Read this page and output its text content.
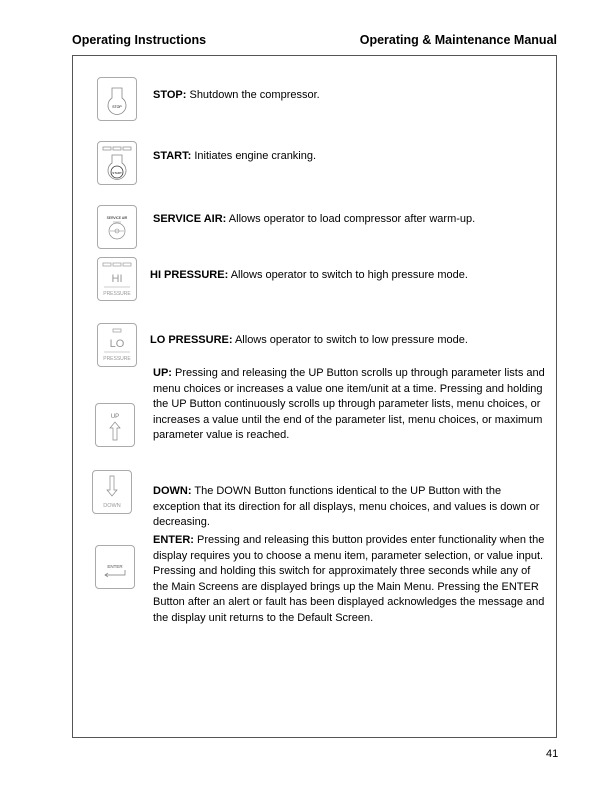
Operating Instructions	Operating & Maintenance Manual
STOP
STOP: Shutdown the compressor.
START
START: Initiates engine cranking.
SERVICE AIR SERVICE AIR: Allows operator to load compressor after warm-up.
HI
PRESSURE
HI PRESSURE: Allows operator to switch to high pressure mode.
LO
PRESSURE
LO PRESSURE: Allows operator to switch to low pressure mode.
UP
UP: Pressing and releasing the UP Button scrolls up through parameter lists and menu choices or increases a value one item/unit at a time. Pressing and holding the UP Button continuously scrolls up through parameter lists, menu choices, or increases a value until the end of the parameter list, menu choices, or maximum parameter value is reached.
DOWN
DOWN: The DOWN Button functions identical to the UP Button with the exception that its direction for all displays, menu choices, and values is down or decreasing.
ENTER
ENTER: Pressing and releasing this button provides enter functionality when the display requires you to choose a menu item, parameter selection, or value input. Pressing and holding this switch for approximately three seconds while any of the Main Screens are displayed brings up the Main Menu. Pressing the ENTER Button after an alert or fault has been displayed acknowledges the message and the display unit returns to the Default Screen.
41
